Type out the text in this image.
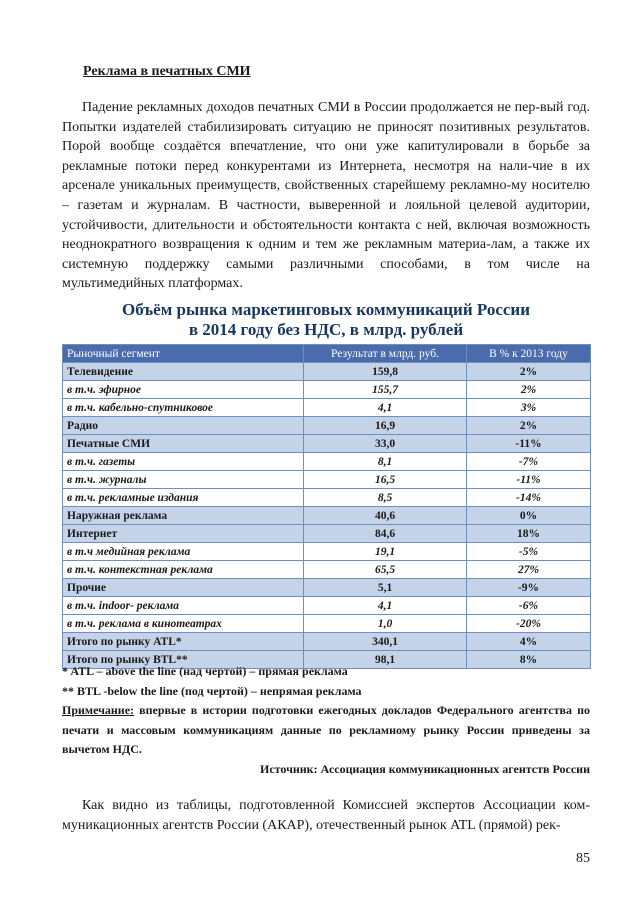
Реклама в печатных СМИ
Падение рекламных доходов печатных СМИ в России продолжается не пер-вый год. Попытки издателей стабилизировать ситуацию не приносят позитивных результатов. Порой вообще создаётся впечатление, что они уже капитулировали в борьбе за рекламные потоки перед конкурентами из Интернета, несмотря на нали-чие в их арсенале уникальных преимуществ, свойственных старейшему рекламно-му носителю – газетам и журналам. В частности, выверенной и лояльной целевой аудитории, устойчивости, длительности и обстоятельности контакта с ней, включая возможность неоднократного возвращения к одним и тем же рекламным материа-лам, а также их системную поддержку самыми различными способами, в том числе на мультимедийных платформах.
Объём рынка маркетинговых коммуникаций России
в 2014 году без НДС, в млрд. рублей
Рыночный сегмент	Результат в млрд. руб.	В % к 2013 году
Телевидение	159,8	2%
в т.ч. эфирное	155,7	2%
в т.ч. кабельно-спутниковое	4,1	3%
Радио	16,9	2%
Печатные СМИ	33,0	-11%
в т.ч. газеты	8,1	-7%
в т.ч. журналы	16,5	-11%
в т.ч. рекламные издания	8,5	-14%
Наружная реклама	40,6	0%
Интернет	84,6	18%
в т.ч медийная реклама	19,1	-5%
в т.ч. контекстная реклама	65,5	27%
Прочие	5,1	-9%
в т.ч. indoor- реклама	4,1	-6%
в т.ч. реклама в кинотеатрах	1,0	-20%
Итого по рынку ATL*	340,1	4%
Итого по рынку BTL**	98,1	8%
* ATL – above the line (над чертой) – прямая реклама
** BTL -below the line (под чертой) – непрямая реклама
Примечание: впервые в истории подготовки ежегодных докладов Федерального агентства по печати и массовым коммуникациям данные по рекламному рынку России приведены за вычетом НДС.
Источник: Ассоциация коммуникационных агентств России
Как видно из таблицы, подготовленной Комиссией экспертов Ассоциации ком-муникационных агентств России (АКАР), отечественный рынок ATL (прямой) рек-
85
